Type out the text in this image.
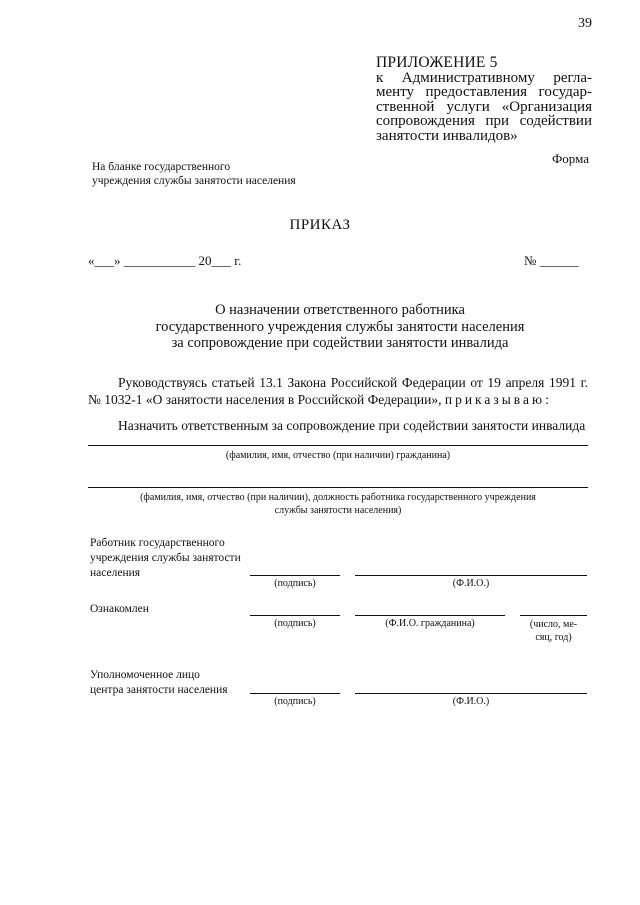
39
ПРИЛОЖЕНИЕ 5
к Административному регла-
менту предоставления государ-
ственной услуги «Организация
сопровождения при содействии
занятости инвалидов»
Форма
На бланке государственного
учреждения службы занятости населения
ПРИКАЗ
«___» ___________ 20___ г.	№ ______
О назначении ответственного работника
государственного учреждения службы занятости населения
за сопровождение при содействии занятости инвалида
Руководствуясь статьей 13.1 Закона Российской Федерации от 19 апреля 1991 г.
№ 1032-1 «О занятости населения в Российской Федерации», приказываю:
Назначить ответственным за сопровождение при содействии занятости инвалида
(фамилия, имя, отчество (при наличии) гражданина)
(фамилия, имя, отчество (при наличии), должность работника государственного учреждения
службы занятости населения)
Работник государственного
учреждения службы занятости
населения
(подпись)	(Ф.И.О.)
Ознакомлен
(подпись)	(Ф.И.О. гражданина)	(число, ме-
сяц, год)
Уполномоченное лицо
центра занятости населения
(подпись)	(Ф.И.О.)
